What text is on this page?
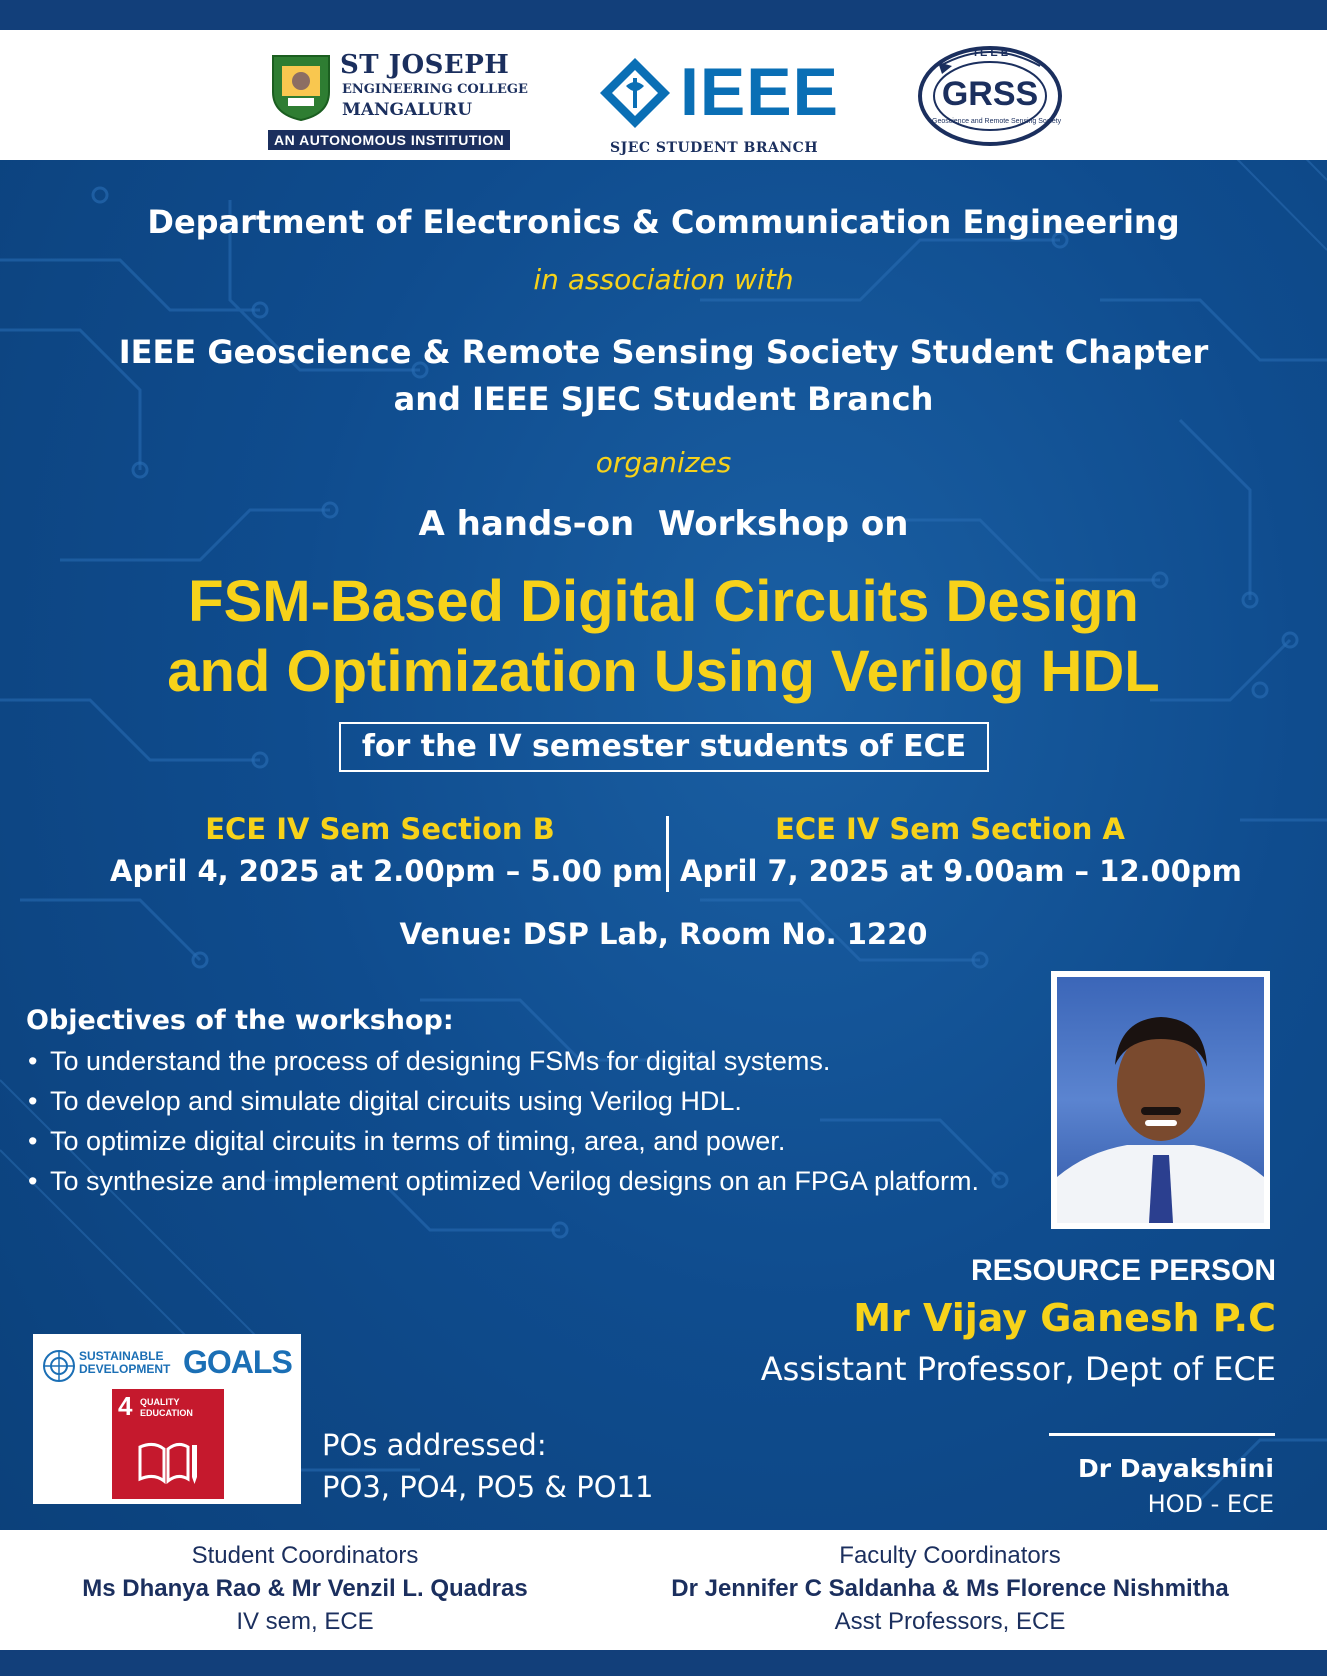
ST JOSEPH
ENGINEERING COLLEGE
MANGALURU
AN AUTONOMOUS INSTITUTION
IEEE
SJEC STUDENT BRANCH
IEEE
GRSS
Geoscience and Remote Sensing Society
Department of Electronics & Communication Engineering
in association with
IEEE Geoscience & Remote Sensing Society Student Chapter
and IEEE SJEC Student Branch
organizes
A hands-on  Workshop on
FSM-Based Digital Circuits Design
and Optimization Using Verilog HDL
for the IV semester students of ECE
ECE IV Sem Section B
April 4, 2025 at 2.00pm – 5.00 pm
ECE IV Sem Section A
April 7, 2025 at 9.00am – 12.00pm
Venue: DSP Lab, Room No. 1220
Objectives of the workshop:
• To understand the process of designing FSMs for digital systems.
• To develop and simulate digital circuits using Verilog HDL.
• To optimize digital circuits in terms of timing, area, and power.
• To synthesize and implement optimized Verilog designs on an FPGA platform.
RESOURCE PERSON
Mr Vijay Ganesh P.C
Assistant Professor, Dept of ECE
SUSTAINABLE
DEVELOPMENT GOALS
4 QUALITY
EDUCATION
POs addressed:
PO3, PO4, PO5 & PO11
Dr Dayakshini
HOD - ECE
Student Coordinators
Ms Dhanya Rao & Mr Venzil L. Quadras
IV sem, ECE
Faculty Coordinators
Dr Jennifer C Saldanha & Ms Florence Nishmitha
Asst Professors, ECE
